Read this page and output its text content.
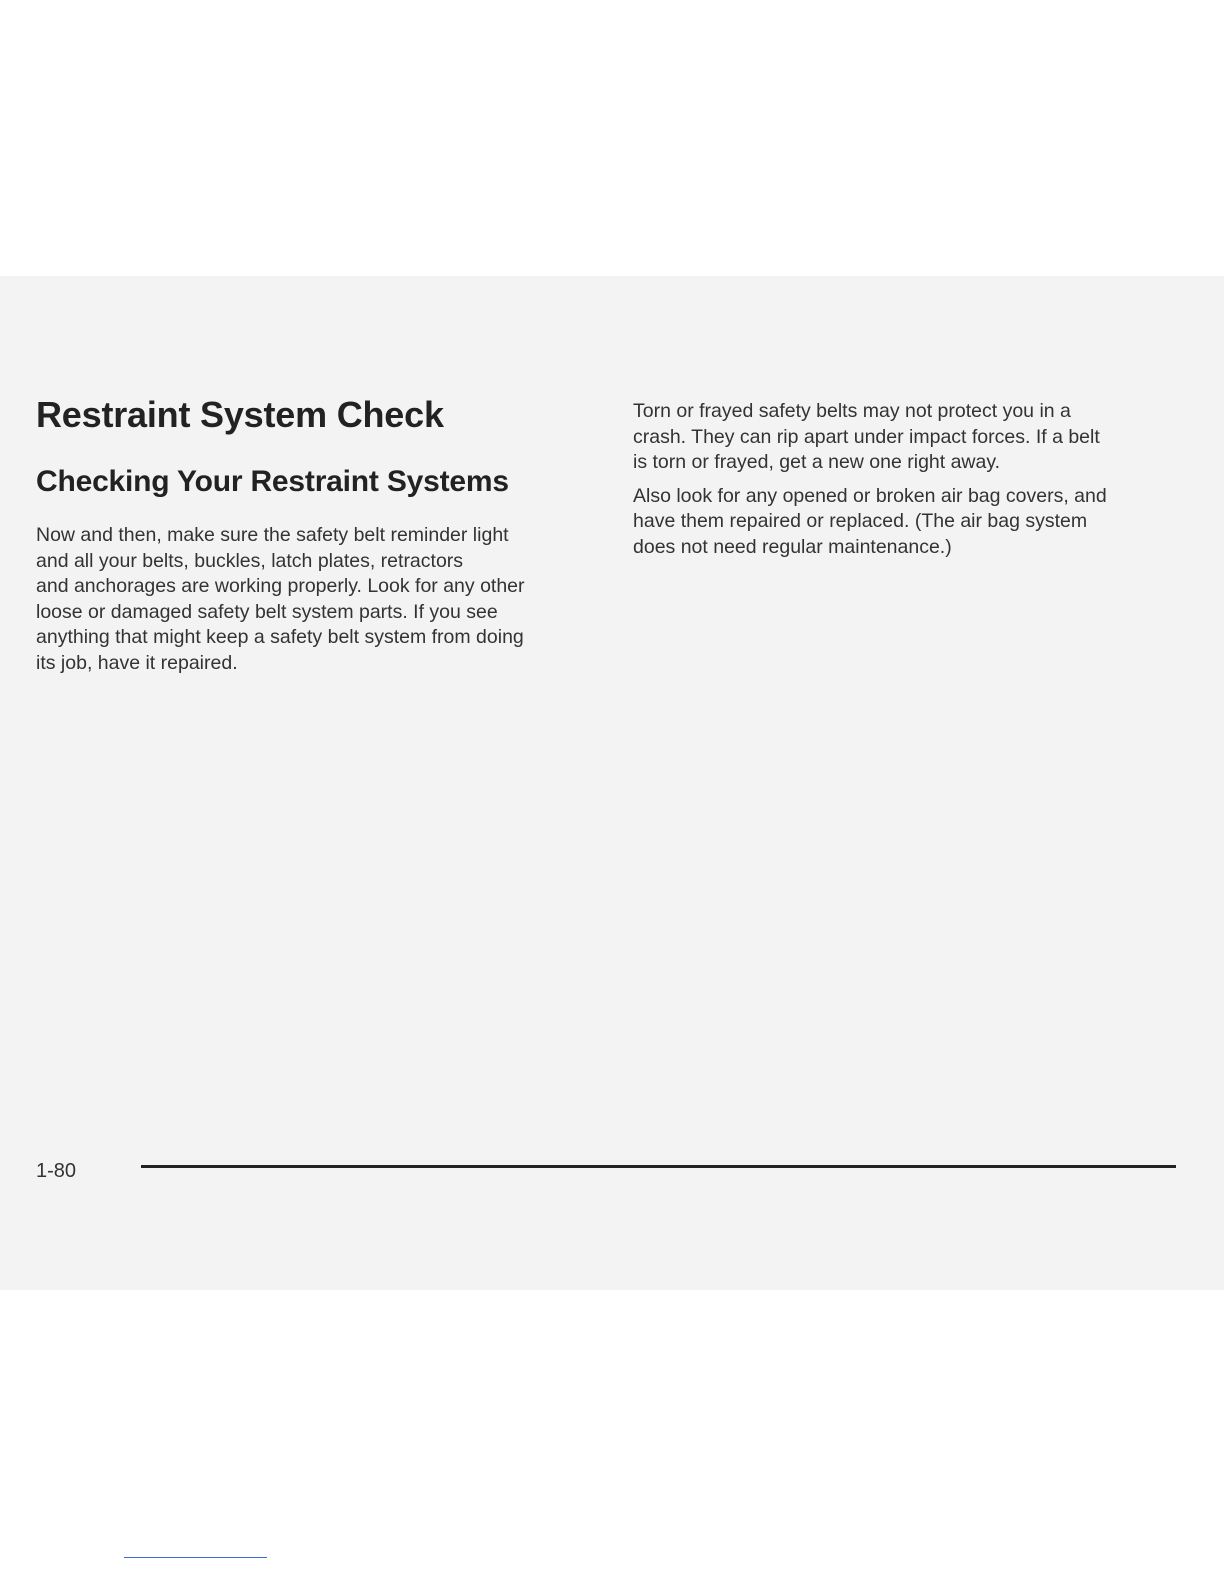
Restraint System Check
Checking Your Restraint Systems

Now and then, make sure the safety belt reminder light
and all your belts, buckles, latch plates, retractors
and anchorages are working properly. Look for any other
loose or damaged safety belt system parts. If you see
anything that might keep a safety belt system from doing
its job, have it repaired.

Torn or frayed safety belts may not protect you in a
crash. They can rip apart under impact forces. If a belt
is torn or frayed, get a new one right away.

Also look for any opened or broken air bag covers, and
have them repaired or replaced. (The air bag system
does not need regular maintenance.)

1-80
